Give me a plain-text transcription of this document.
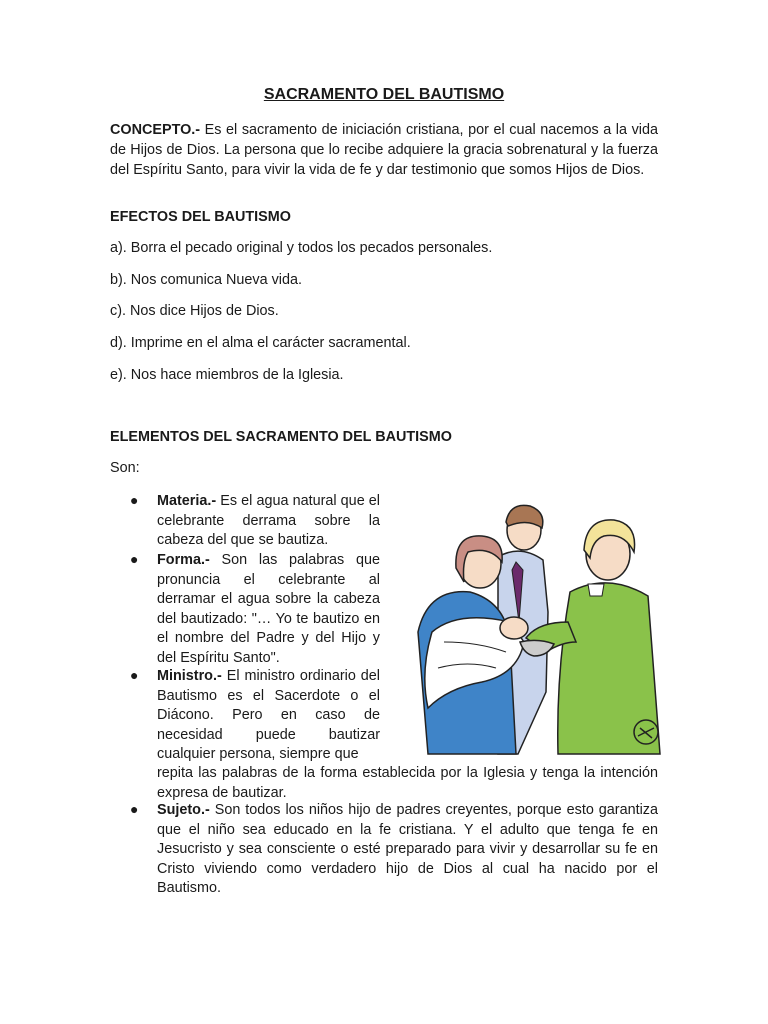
SACRAMENTO DEL BAUTISMO

CONCEPTO.- Es el sacramento de iniciación cristiana, por el cual nacemos a la vida de Hijos de Dios. La persona que lo recibe adquiere la gracia sobrenatural y la fuerza del Espíritu Santo, para vivir la vida de fe y dar testimonio que somos Hijos de Dios.

EFECTOS DEL BAUTISMO

a). Borra el pecado original y todos los pecados personales.

b). Nos comunica Nueva vida.

c). Nos dice Hijos de Dios.

d). Imprime en el alma el carácter sacramental.

e). Nos hace miembros de la Iglesia.

ELEMENTOS DEL SACRAMENTO DEL BAUTISMO

Son:

● Materia.- Es el agua natural que el celebrante derrama sobre la cabeza del que se bautiza.

● Forma.- Son las palabras que pronuncia el celebrante al derramar el agua sobre la cabeza del bautizado: "… Yo te bautizo en el nombre del Padre y del Hijo y del Espíritu Santo".

● Ministro.- El ministro ordinario del Bautismo es el Sacerdote o el Diácono. Pero en caso de necesidad puede bautizar cualquier persona, siempre que

repita las palabras de la forma establecida por la Iglesia y tenga la intención expresa de bautizar.

● Sujeto.- Son todos los niños hijo de padres creyentes, porque esto garantiza que el niño sea educado en la fe cristiana. Y el adulto que tenga fe en Jesucristo y sea consciente o esté preparado para vivir y desarrollar su fe en Cristo viviendo como verdadero hijo de Dios al cual ha nacido por el Bautismo.
